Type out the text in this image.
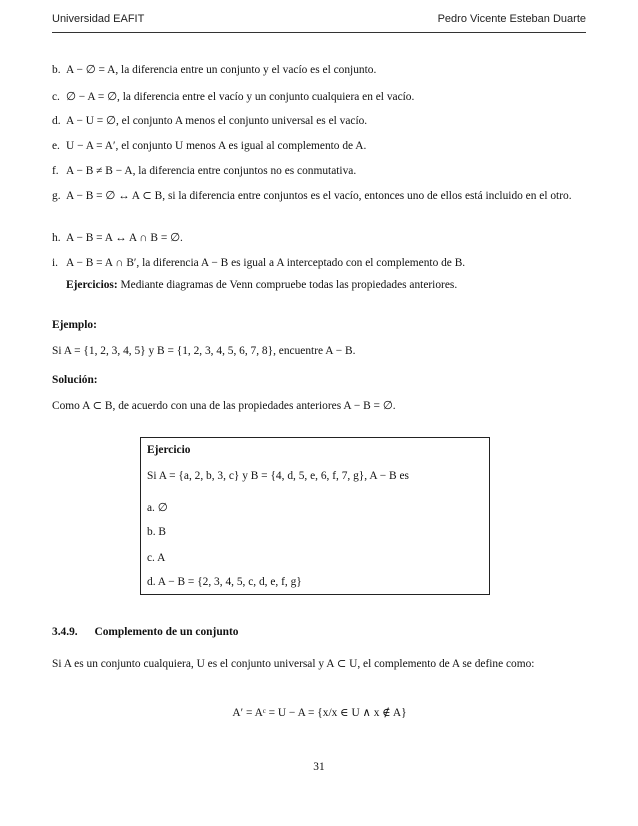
Universidad EAFIT	Pedro Vicente Esteban Duarte
b. A − ∅ = A, la diferencia entre un conjunto y el vacío es el conjunto.
c. ∅ − A = ∅, la diferencia entre el vacío y un conjunto cualquiera en el vacío.
d. A − U = ∅, el conjunto A menos el conjunto universal es el vacío.
e. U − A = A′, el conjunto U menos A es igual al complemento de A.
f. A − B ≠ B − A, la diferencia entre conjuntos no es conmutativa.
g. A − B = ∅ ↔ A ⊂ B, si la diferencia entre conjuntos es el vacío, entonces uno de ellos está incluido en el otro.
h. A − B = A ↔ A ∩ B = ∅.
i. A − B = A ∩ B′, la diferencia A − B es igual a A interceptado con el complemento de B.
Ejercicios: Mediante diagramas de Venn compruebe todas las propiedades anteriores.
Ejemplo:
Si A = {1, 2, 3, 4, 5} y B = {1, 2, 3, 4, 5, 6, 7, 8}, encuentre A − B.
Solución:
Como A ⊂ B, de acuerdo con una de las propiedades anteriores A − B = ∅.
Ejercicio
Si A = {a, 2, b, 3, c} y B = {4, d, 5, e, 6, f, 7, g}, A − B es
a. ∅
b. B
c. A
d. A − B = {2, 3, 4, 5, c, d, e, f, g}
3.4.9. Complemento de un conjunto
Si A es un conjunto cualquiera, U es el conjunto universal y A ⊂ U, el complemento de A se define como:
A′ = Aᶜ = U − A = {x/x ∈ U ∧ x ∉ A}
31
